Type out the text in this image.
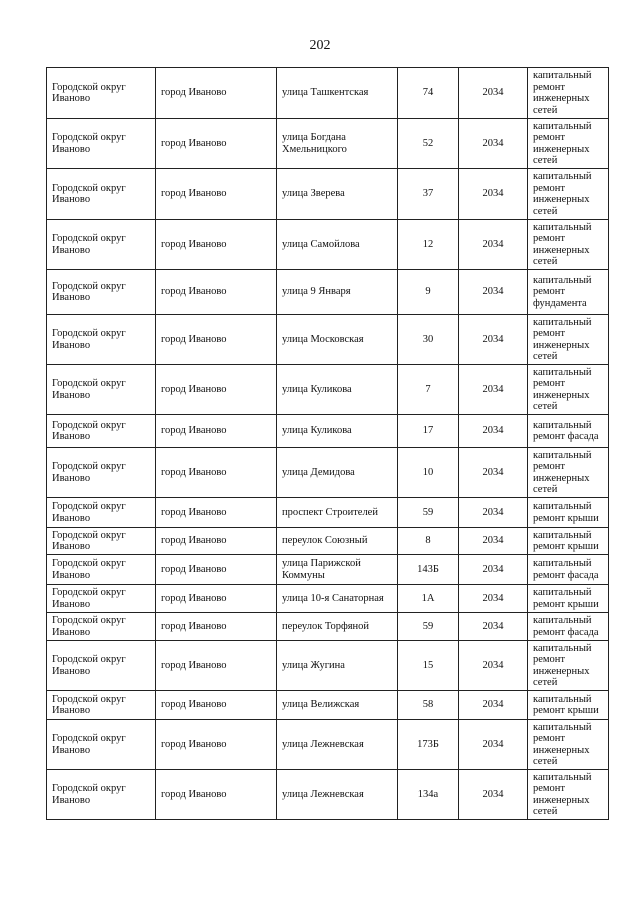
202
Городской округ Иваново	город Иваново	улица Ташкентская	74	2034	капитальный ремонт инженерных сетей
Городской округ Иваново	город Иваново	улица Богдана Хмельницкого	52	2034	капитальный ремонт инженерных сетей
Городской округ Иваново	город Иваново	улица Зверева	37	2034	капитальный ремонт инженерных сетей
Городской округ Иваново	город Иваново	улица Самойлова	12	2034	капитальный ремонт инженерных сетей
Городской округ Иваново	город Иваново	улица 9 Января	9	2034	капитальный ремонт фундамента
Городской округ Иваново	город Иваново	улица Московская	30	2034	капитальный ремонт инженерных сетей
Городской округ Иваново	город Иваново	улица Куликова	7	2034	капитальный ремонт инженерных сетей
Городской округ Иваново	город Иваново	улица Куликова	17	2034	капитальный ремонт фасада
Городской округ Иваново	город Иваново	улица Демидова	10	2034	капитальный ремонт инженерных сетей
Городской округ Иваново	город Иваново	проспект Строителей	59	2034	капитальный ремонт крыши
Городской округ Иваново	город Иваново	переулок Союзный	8	2034	капитальный ремонт крыши
Городской округ Иваново	город Иваново	улица Парижской Коммуны	143Б	2034	капитальный ремонт фасада
Городской округ Иваново	город Иваново	улица 10-я Санаторная	1А	2034	капитальный ремонт крыши
Городской округ Иваново	город Иваново	переулок Торфяной	59	2034	капитальный ремонт фасада
Городской округ Иваново	город Иваново	улица Жугина	15	2034	капитальный ремонт инженерных сетей
Городской округ Иваново	город Иваново	улица Велижская	58	2034	капитальный ремонт крыши
Городской округ Иваново	город Иваново	улица Лежневская	173Б	2034	капитальный ремонт инженерных сетей
Городской округ Иваново	город Иваново	улица Лежневская	134а	2034	капитальный ремонт инженерных сетей
